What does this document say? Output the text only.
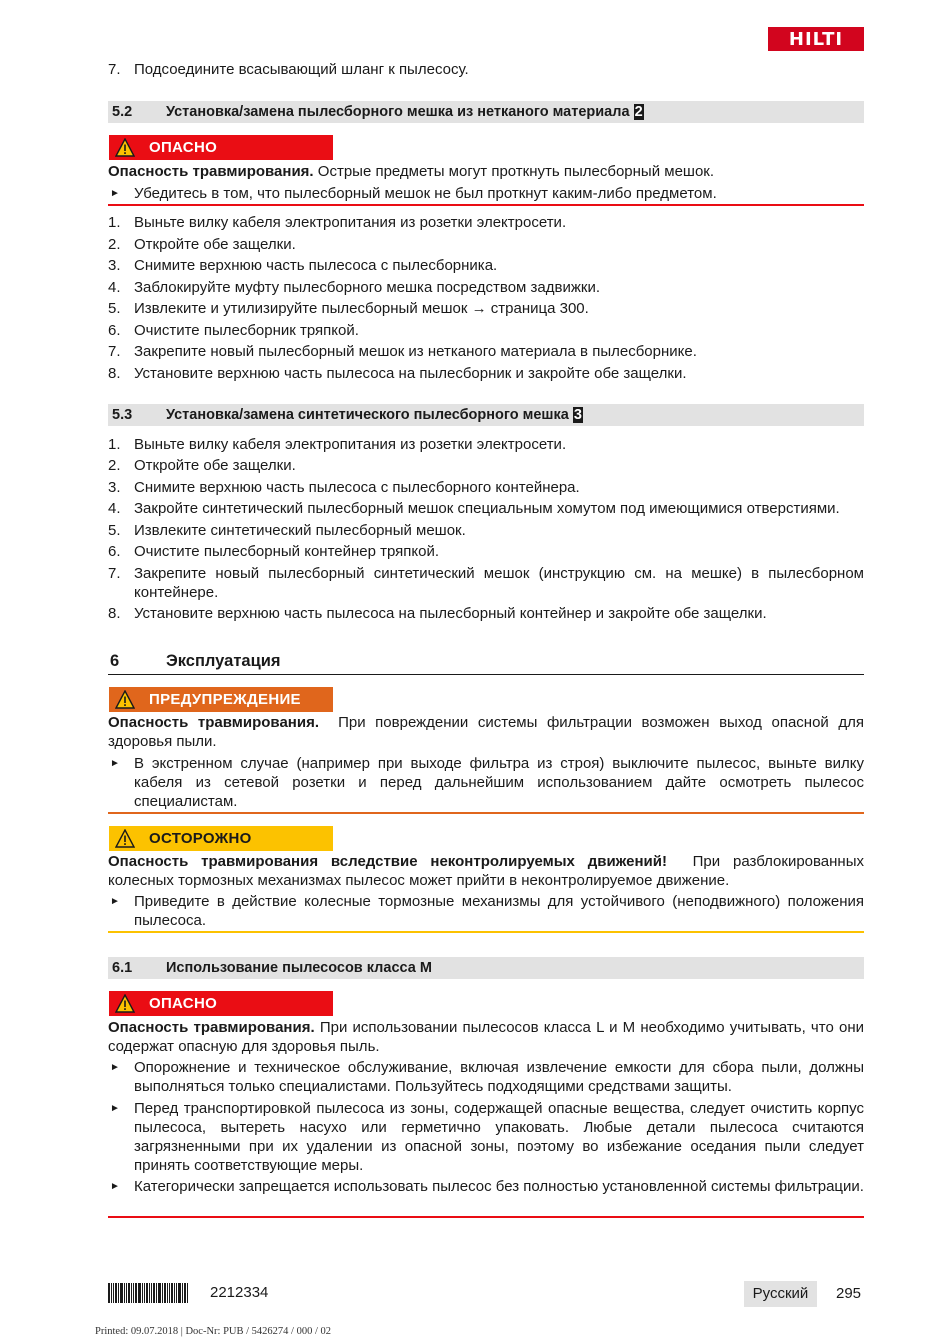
HILTI
7. Подсоедините всасывающий шланг к пылесосу.
5.2 Установка/замена пылесборного мешка из нетканого материала 2
ОПАСНО
Опасность травмирования. Острые предметы могут проткнуть пылесборный мешок.
► Убедитесь в том, что пылесборный мешок не был проткнут каким-либо предметом.
1. Выньте вилку кабеля электропитания из розетки электросети.
2. Откройте обе защелки.
3. Снимите верхнюю часть пылесоса с пылесборника.
4. Заблокируйте муфту пылесборного мешка посредством задвижки.
5. Извлеките и утилизируйте пылесборный мешок → страница 300.
6. Очистите пылесборник тряпкой.
7. Закрепите новый пылесборный мешок из нетканого материала в пылесборнике.
8. Установите верхнюю часть пылесоса на пылесборник и закройте обе защелки.
5.3 Установка/замена синтетического пылесборного мешка 3
1. Выньте вилку кабеля электропитания из розетки электросети.
2. Откройте обе защелки.
3. Снимите верхнюю часть пылесоса с пылесборного контейнера.
4. Закройте синтетический пылесборный мешок специальным хомутом под имеющимися отверстиями.
5. Извлеките синтетический пылесборный мешок.
6. Очистите пылесборный контейнер тряпкой.
7. Закрепите новый пылесборный синтетический мешок (инструкцию см. на мешке) в пылесборном контейнере.
8. Установите верхнюю часть пылесоса на пылесборный контейнер и закройте обе защелки.
6	Эксплуатация
ПРЕДУПРЕЖДЕНИЕ
Опасность травмирования. При повреждении системы фильтрации возможен выход опасной для здоровья пыли.
► В экстренном случае (например при выходе фильтра из строя) выключите пылесос, выньте вилку кабеля из сетевой розетки и перед дальнейшим использованием дайте осмотреть пылесос специалистам.
ОСТОРОЖНО
Опасность травмирования вследствие неконтролируемых движений! При разблокированных колесных тормозных механизмах пылесос может прийти в неконтролируемое движение.
► Приведите в действие колесные тормозные механизмы для устойчивого (неподвижного) положения пылесоса.
6.1 Использование пылесосов класса М
ОПАСНО
Опасность травмирования. При использовании пылесосов класса L и M необходимо учитывать, что они содержат опасную для здоровья пыль.
► Опорожнение и техническое обслуживание, включая извлечение емкости для сбора пыли, должны выполняться только специалистами. Пользуйтесь подходящими средствами защиты.
► Перед транспортировкой пылесоса из зоны, содержащей опасные вещества, следует очистить корпус пылесоса, вытереть насухо или герметично упаковать. Любые детали пылесоса считаются загрязненными при их удалении из опасной зоны, поэтому во избежание оседания пыли следует принять соответствующие меры.
► Категорически запрещается использовать пылесос без полностью установленной системы фильтрации.
2212334	Русский	295
Printed: 09.07.2018 | Doc-Nr: PUB / 5426274 / 000 / 02
